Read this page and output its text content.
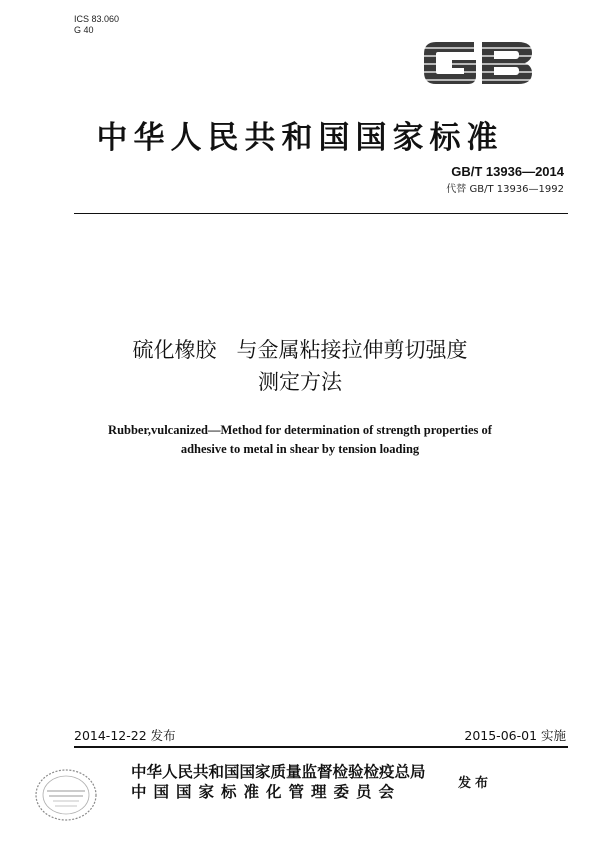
ICS 83.060
G 40
中华人民共和国国家标准
GB/T 13936—2014
代替 GB/T 13936—1992
硫化橡胶 与金属粘接拉伸剪切强度
测定方法
Rubber,vulcanized—Method for determination of strength properties of
adhesive to metal in shear by tension loading
2014-12-22 发布	2015-06-01 实施
中华人民共和国国家质量监督检验检疫总局
中国国家标准化管理委员会	发布
